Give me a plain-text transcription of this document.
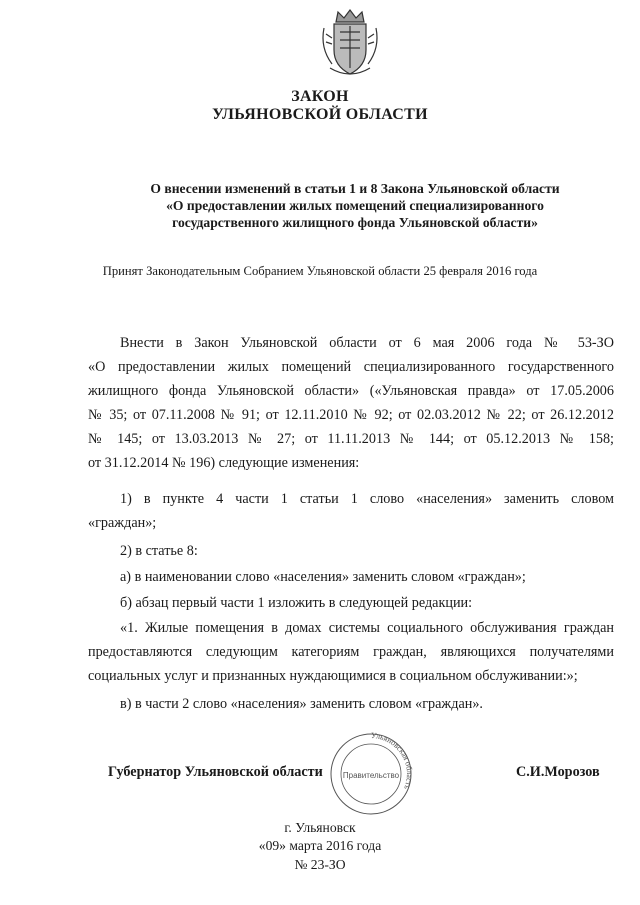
ЗАКОН
УЛЬЯНОВСКОЙ ОБЛАСТИ
О внесении изменений в статьи 1 и 8 Закона Ульяновской области
«О предоставлении жилых помещений специализированного
государственного жилищного фонда Ульяновской области»
Принят Законодательным Собранием Ульяновской области 25 февраля 2016 года
Внести в Закон Ульяновской области от 6 мая 2006 года № 53-ЗО
«О предоставлении жилых помещений специализированного государственного
жилищного фонда Ульяновской области» («Ульяновская правда» от 17.05.2006
№ 35; от 07.11.2008 № 91; от 12.11.2010 № 92; от 02.03.2012 № 22; от 26.12.2012
№ 145; от 13.03.2013 № 27; от 11.11.2013 № 144; от 05.12.2013 № 158;
от 31.12.2014 № 196) следующие изменения:
1) в пункте 4 части 1 статьи 1 слово «населения» заменить словом
«граждан»;
2) в статье 8:
а) в наименовании слово «населения» заменить словом «граждан»;
б) абзац первый части 1 изложить в следующей редакции:
«1. Жилые помещения в домах системы социального обслуживания граждан
предоставляются следующим категориям граждан, являющихся получателями
социальных услуг и признанных нуждающимися в социальном обслуживании:»;
в) в части 2 слово «населения» заменить словом «граждан».
Губернатор Ульяновской области	С.И.Морозов
Ульяновская область
Правительство
г. Ульяновск
«09» марта 2016 года
№ 23-ЗО
